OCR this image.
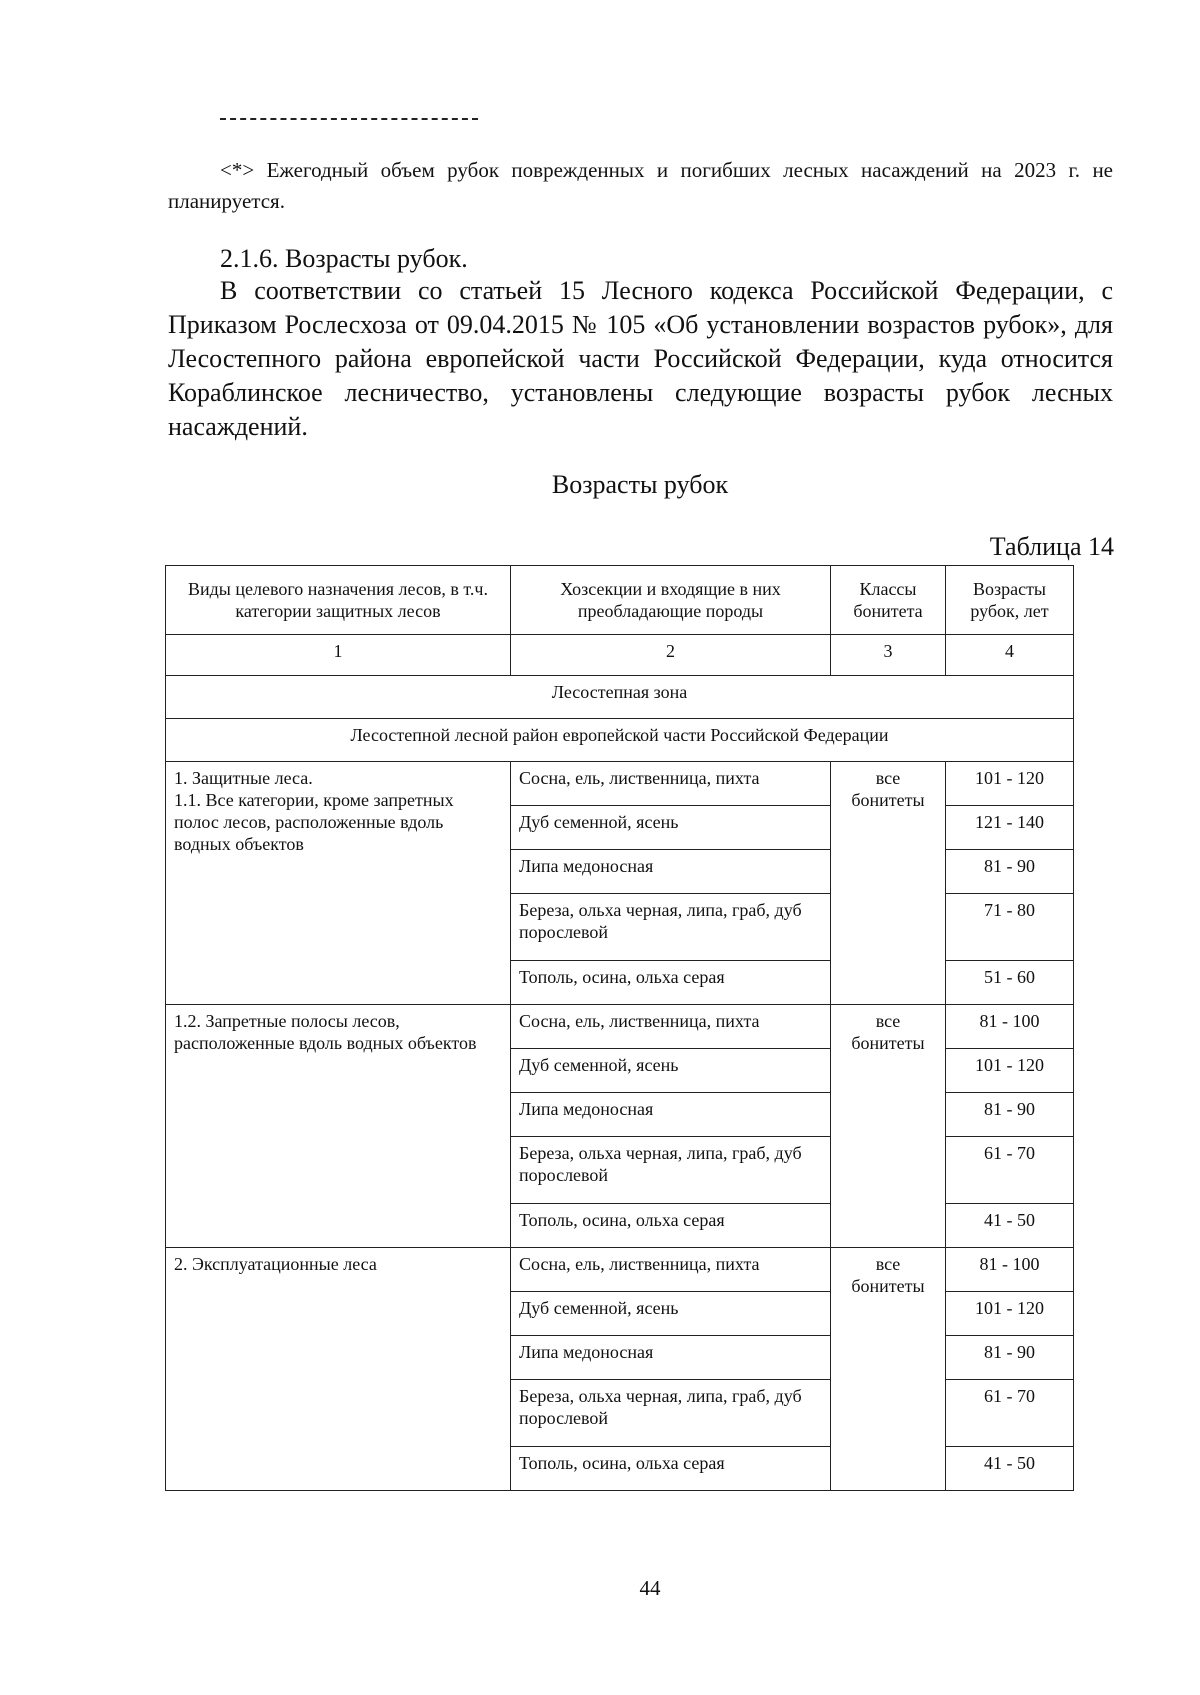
<*> Ежегодный объем рубок поврежденных и погибших лесных насаждений на 2023 г. не планируется.
2.1.6. Возрасты рубок.
В соответствии со статьей 15 Лесного кодекса Российской Федерации, с Приказом Рослесхоза от 09.04.2015 № 105 «Об установлении возрастов рубок», для Лесостепного района европейской части Российской Федерации, куда относится Кораблинское лесничество, установлены следующие возрасты рубок лесных насаждений.
Возрасты рубок
Таблица 14
Виды целевого назначения лесов, в т.ч. категории защитных лесов	Хозсекции и входящие в них преобладающие породы	Классы бонитета	Возрасты рубок, лет
1	2	3	4
Лесостепная зона			
Лесостепной лесной район европейской части Российской Федерации			
1. Защитные леса.
1.1. Все категории, кроме запретных полос лесов, расположенные вдоль водных объектов	Сосна, ель, лиственница, пихта	все бонитеты	101 - 120
	Дуб семенной, ясень		121 - 140
	Липа медоносная		81 - 90
	Береза, ольха черная, липа, граб, дуб порослевой		71 - 80
	Тополь, осина, ольха серая		51 - 60
1.2. Запретные полосы лесов, расположенные вдоль водных объектов	Сосна, ель, лиственница, пихта	все бонитеты	81 - 100
	Дуб семенной, ясень		101 - 120
	Липа медоносная		81 - 90
	Береза, ольха черная, липа, граб, дуб порослевой		61 - 70
	Тополь, осина, ольха серая		41 - 50
2. Эксплуатационные леса	Сосна, ель, лиственница, пихта	все бонитеты	81 - 100
	Дуб семенной, ясень		101 - 120
	Липа медоносная		81 - 90
	Береза, ольха черная, липа, граб, дуб порослевой		61 - 70
	Тополь, осина, ольха серая		41 - 50
44
